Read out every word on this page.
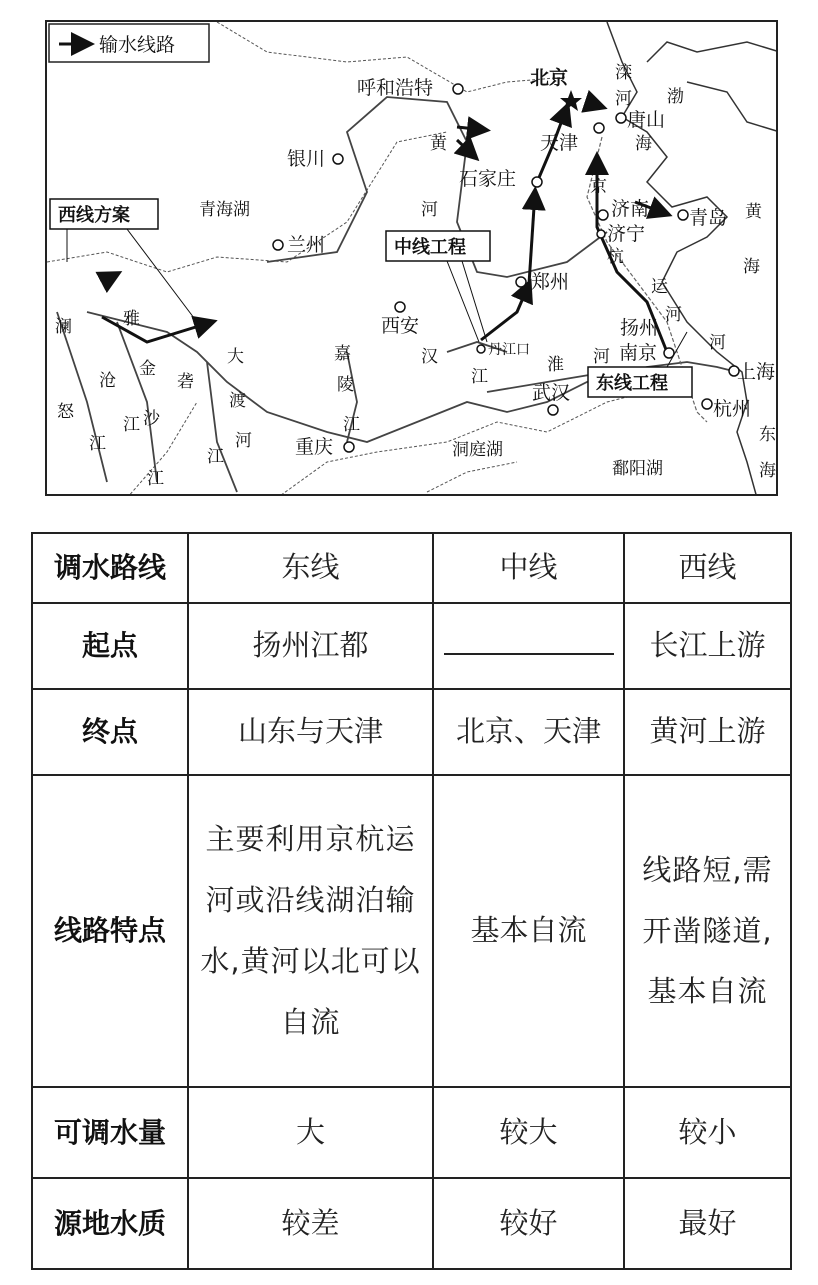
输水线路
西线方案
中线工程
东线工程
北京
天津
唐山
呼和浩特
银川
石家庄
济南 青岛
济宁
兰州
郑州
西安	扬州
南京
上海
杭州
武汉
重庆
丹江口
滦
河 渤
海
黄
河
青海湖
京
杭
运
河
黄
海
汉
江
淮 河
河
嘉
陵
江
澜
沧
江
怒
江
雅
金
沙
江
砻
江
大
渡
河	洞庭湖
鄱阳湖
东
海
调水路线	东线	中线	西线
起点	扬州江都		长江上游
终点	山东与天津	北京、天津	黄河上游
线路特点	主要利用京杭运河或沿线湖泊输水,黄河以北可以自流	基本自流	线路短,需开凿隧道,基本自流
可调水量	大	较大	较小
源地水质	较差	较好	最好
